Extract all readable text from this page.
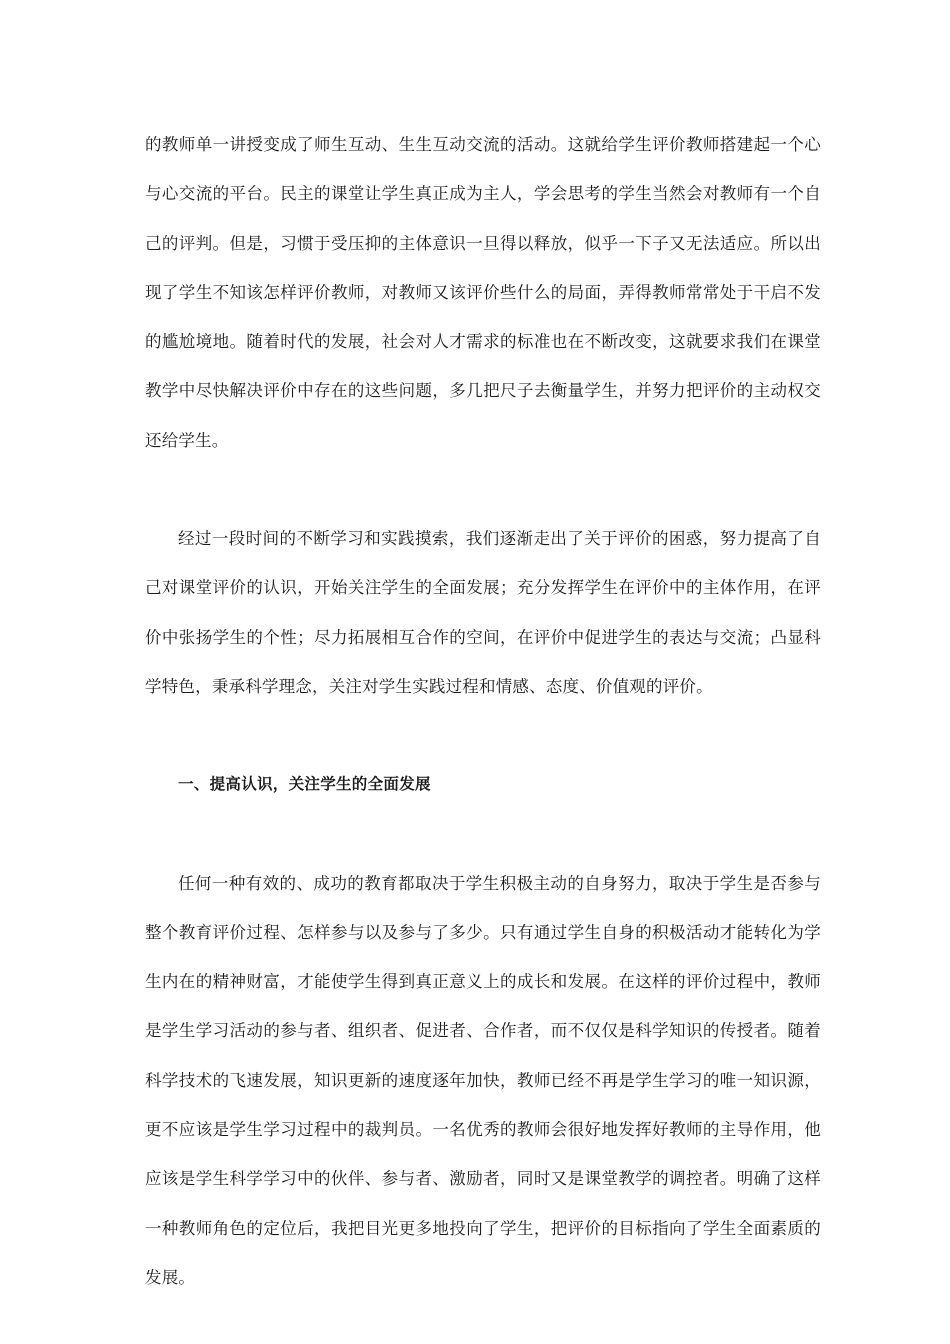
的教师单一讲授变成了师生互动、生生互动交流的活动。这就给学生评价教师搭建起一个心与心交流的平台。民主的课堂让学生真正成为主人，学会思考的学生当然会对教师有一个自己的评判。但是，习惯于受压抑的主体意识一旦得以释放，似乎一下子又无法适应。所以出现了学生不知该怎样评价教师，对教师又该评价些什么的局面，弄得教师常常处于干启不发的尴尬境地。随着时代的发展，社会对人才需求的标准也在不断改变，这就要求我们在课堂教学中尽快解决评价中存在的这些问题，多几把尺子去衡量学生，并努力把评价的主动权交还给学生。

经过一段时间的不断学习和实践摸索，我们逐渐走出了关于评价的困惑，努力提高了自己对课堂评价的认识，开始关注学生的全面发展；充分发挥学生在评价中的主体作用，在评价中张扬学生的个性；尽力拓展相互合作的空间，在评价中促进学生的表达与交流；凸显科学特色，秉承科学理念，关注对学生实践过程和情感、态度、价值观的评价。

一、提高认识，关注学生的全面发展

任何一种有效的、成功的教育都取决于学生积极主动的自身努力，取决于学生是否参与整个教育评价过程、怎样参与以及参与了多少。只有通过学生自身的积极活动才能转化为学生内在的精神财富，才能使学生得到真正意义上的成长和发展。在这样的评价过程中，教师是学生学习活动的参与者、组织者、促进者、合作者，而不仅仅是科学知识的传授者。随着科学技术的飞速发展，知识更新的速度逐年加快，教师已经不再是学生学习的唯一知识源，更不应该是学生学习过程中的裁判员。一名优秀的教师会很好地发挥好教师的主导作用，他应该是学生科学学习中的伙伴、参与者、激励者，同时又是课堂教学的调控者。明确了这样一种教师角色的定位后，我把目光更多地投向了学生，把评价的目标指向了学生全面素质的发展。
